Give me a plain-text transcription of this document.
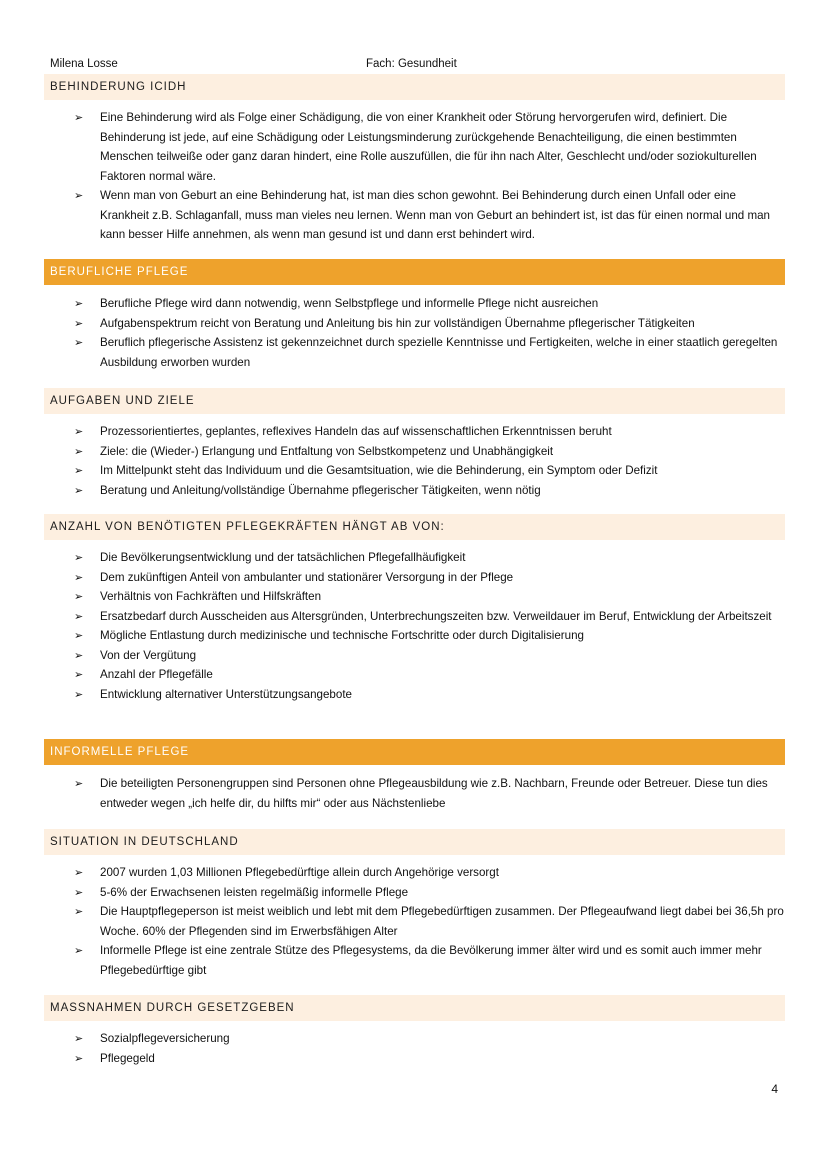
Milena Losse	Fach: Gesundheit
BEHINDERUNG ICIDH
➢ Eine Behinderung wird als Folge einer Schädigung, die von einer Krankheit oder Störung hervorgerufen wird, definiert. Die Behinderung ist jede, auf eine Schädigung oder Leistungsminderung zurückgehende Benachteiligung, die einen bestimmten Menschen teilweiße oder ganz daran hindert, eine Rolle auszufüllen, die für ihn nach Alter, Geschlecht und/oder soziokulturellen Faktoren normal wäre.
➢ Wenn man von Geburt an eine Behinderung hat, ist man dies schon gewohnt. Bei Behinderung durch einen Unfall oder eine Krankheit z.B. Schlaganfall, muss man vieles neu lernen. Wenn man von Geburt an behindert ist, ist das für einen normal und man kann besser Hilfe annehmen, als wenn man gesund ist und dann erst behindert wird.
BERUFLICHE PFLEGE
➢ Berufliche Pflege wird dann notwendig, wenn Selbstpflege und informelle Pflege nicht ausreichen
➢ Aufgabenspektrum reicht von Beratung und Anleitung bis hin zur vollständigen Übernahme pflegerischer Tätigkeiten
➢ Beruflich pflegerische Assistenz ist gekennzeichnet durch spezielle Kenntnisse und Fertigkeiten, welche in einer staatlich geregelten Ausbildung erworben wurden
AUFGABEN UND ZIELE
➢ Prozessorientiertes, geplantes, reflexives Handeln das auf wissenschaftlichen Erkenntnissen beruht
➢ Ziele: die (Wieder-) Erlangung und Entfaltung von Selbstkompetenz und Unabhängigkeit
➢ Im Mittelpunkt steht das Individuum und die Gesamtsituation, wie die Behinderung, ein Symptom oder Defizit
➢ Beratung und Anleitung/vollständige Übernahme pflegerischer Tätigkeiten, wenn nötig
ANZAHL VON BENÖTIGTEN PFLEGEKRÄFTEN HÄNGT AB VON:
➢ Die Bevölkerungsentwicklung und der tatsächlichen Pflegefallhäufigkeit
➢ Dem zukünftigen Anteil von ambulanter und stationärer Versorgung in der Pflege
➢ Verhältnis von Fachkräften und Hilfskräften
➢ Ersatzbedarf durch Ausscheiden aus Altersgründen, Unterbrechungszeiten bzw. Verweildauer im Beruf, Entwicklung der Arbeitszeit
➢ Mögliche Entlastung durch medizinische und technische Fortschritte oder durch Digitalisierung
➢ Von der Vergütung
➢ Anzahl der Pflegefälle
➢ Entwicklung alternativer Unterstützungsangebote
INFORMELLE PFLEGE
➢ Die beteiligten Personengruppen sind Personen ohne Pflegeausbildung wie z.B. Nachbarn, Freunde oder Betreuer. Diese tun dies entweder wegen „ich helfe dir, du hilfts mir“ oder aus Nächstenliebe
SITUATION IN DEUTSCHLAND
➢ 2007 wurden 1,03 Millionen Pflegebedürftige allein durch Angehörige versorgt
➢ 5-6% der Erwachsenen leisten regelmäßig informelle Pflege
➢ Die Hauptpflegeperson ist meist weiblich und lebt mit dem Pflegebedürftigen zusammen. Der Pflegeaufwand liegt dabei bei 36,5h pro Woche. 60% der Pflegenden sind im Erwerbsfähigen Alter
➢ Informelle Pflege ist eine zentrale Stütze des Pflegesystems, da die Bevölkerung immer älter wird und es somit auch immer mehr Pflegebedürftige gibt
MASSNAHMEN DURCH GESETZGEBEN
➢ Sozialpflegeversicherung
➢ Pflegegeld
4
